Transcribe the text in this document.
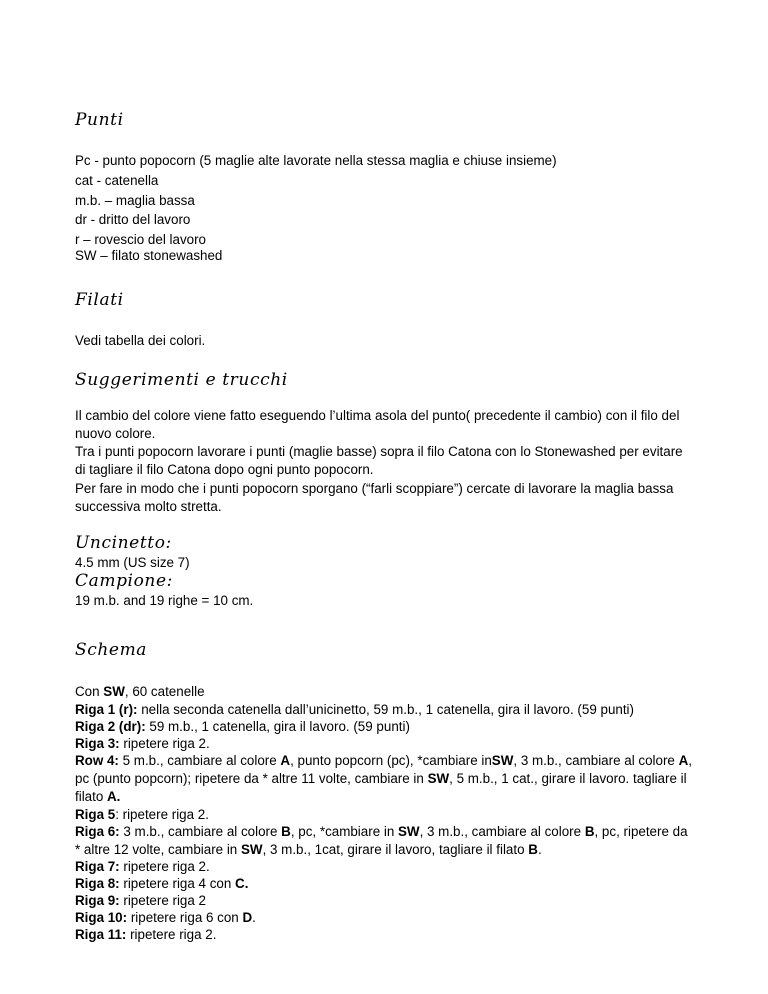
Punti
Pc - punto popocorn (5 maglie alte lavorate nella stessa maglia e chiuse insieme)
cat - catenella
m.b. – maglia bassa
dr - dritto del lavoro
r – rovescio del lavoro
SW – filato stonewashed
Filati
Vedi tabella dei colori.
Suggerimenti e trucchi
Il cambio del colore viene fatto eseguendo l’ultima asola del punto( precedente il cambio) con il filo del nuovo colore.
Tra i punti popocorn lavorare i punti (maglie basse) sopra il filo Catona con lo Stonewashed per evitare di tagliare il filo Catona dopo ogni punto popocorn.
Per fare in modo che i punti popocorn sporgano (“farli scoppiare”) cercate di lavorare la maglia bassa successiva molto stretta.
Uncinetto:
4.5 mm (US size 7)
Campione:
19 m.b. and 19 righe = 10 cm.
Schema
Con SW, 60 catenelle
Riga 1 (r): nella seconda catenella dall’unicinetto, 59 m.b., 1 catenella, gira il lavoro. (59 punti)
Riga 2 (dr): 59 m.b., 1 catenella, gira il lavoro. (59 punti)
Riga 3: ripetere riga 2.
Row 4: 5 m.b., cambiare al colore A, punto popcorn (pc), *cambiare inSW, 3 m.b., cambiare al colore A, pc (punto popcorn); ripetere da * altre 11 volte, cambiare in SW, 5 m.b., 1 cat., girare il lavoro. tagliare il filato A.
Riga 5: ripetere riga 2.
Riga 6: 3 m.b., cambiare al colore B, pc, *cambiare in SW, 3 m.b., cambiare al colore B, pc, ripetere da * altre 12 volte, cambiare in SW, 3 m.b., 1cat, girare il lavoro, tagliare il filato B.
Riga 7: ripetere riga 2.
Riga 8: ripetere riga 4 con C.
Riga 9: ripetere riga 2
Riga 10: ripetere riga 6 con D.
Riga 11: ripetere riga 2.
